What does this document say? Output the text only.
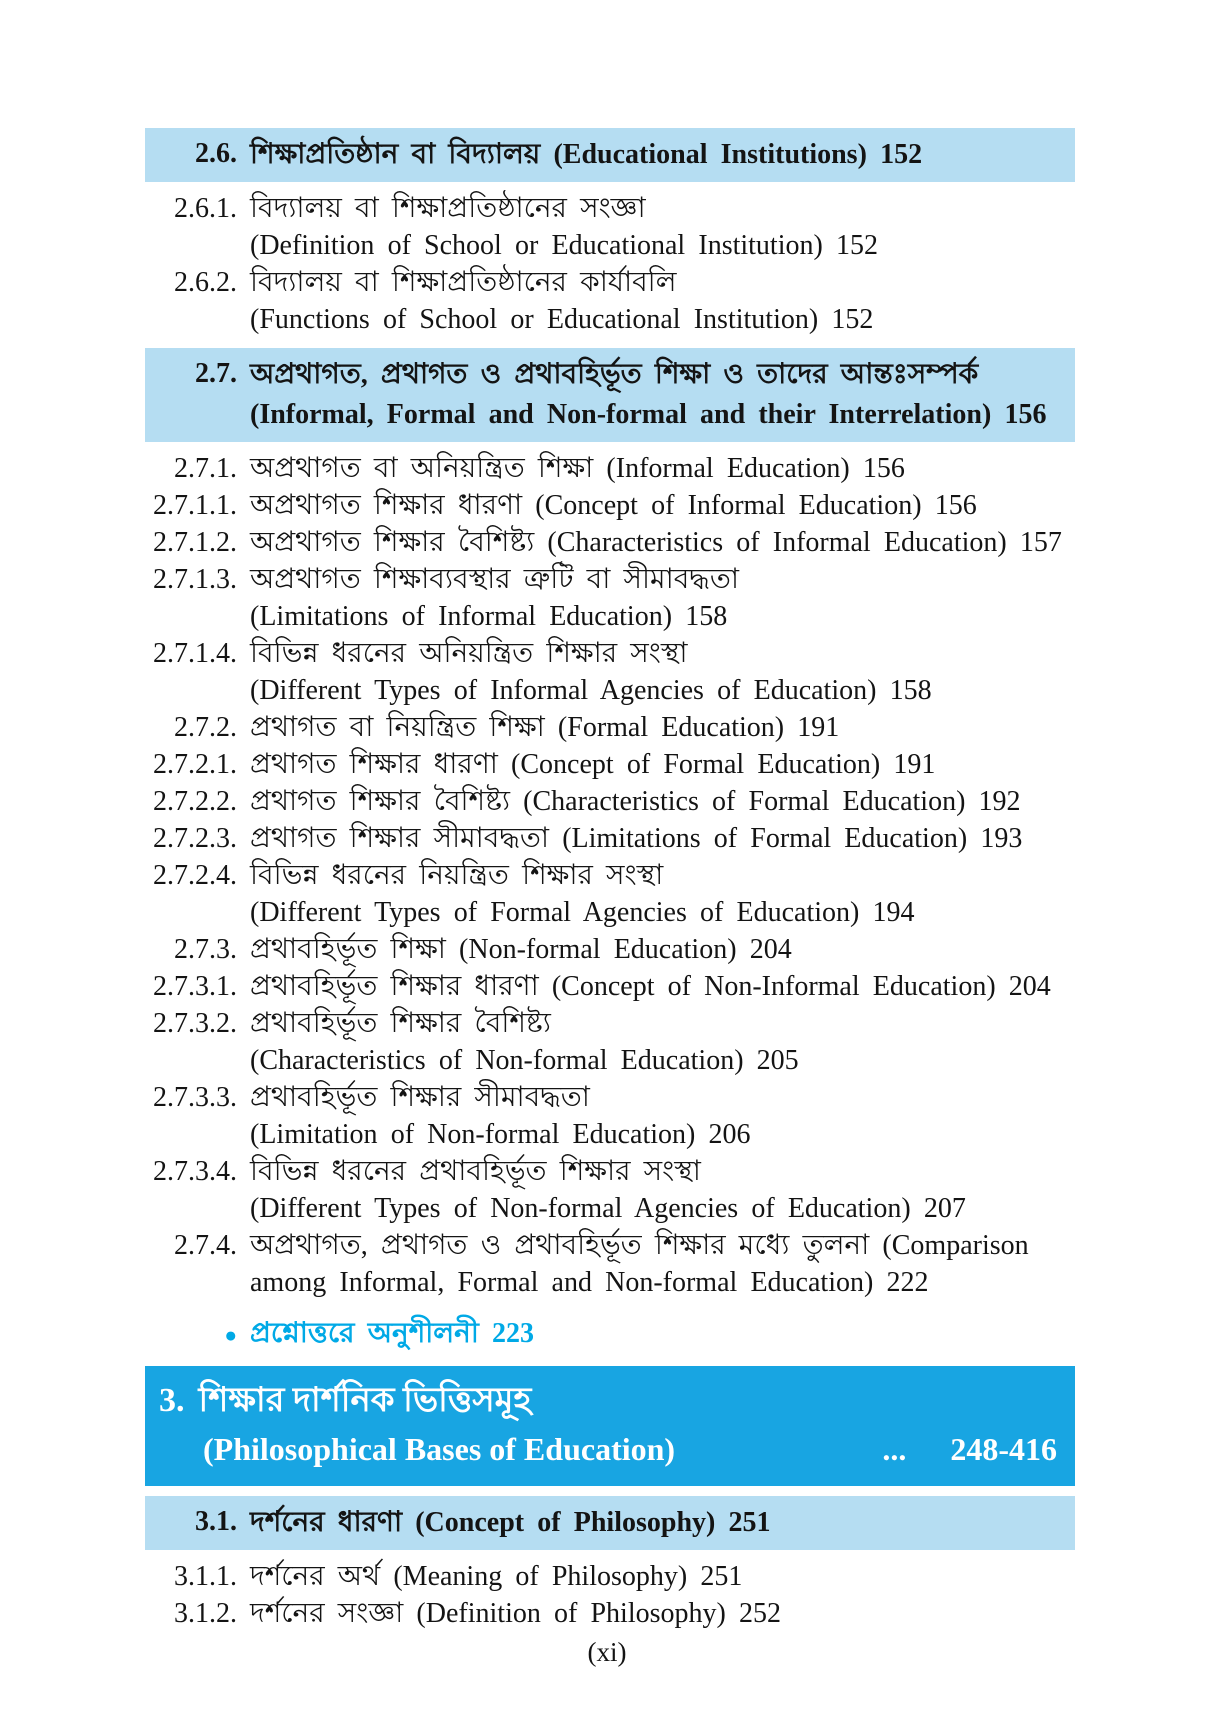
2.6. শিক্ষাপ্রতিষ্ঠান বা বিদ্যালয় (Educational Institutions) 152
2.6.1. বিদ্যালয় বা শিক্ষাপ্রতিষ্ঠানের সংজ্ঞা
(Definition of School or Educational Institution) 152
2.6.2. বিদ্যালয় বা শিক্ষাপ্রতিষ্ঠানের কার্যাবলি
(Functions of School or Educational Institution) 152
2.7. অপ্রথাগত, প্রথাগত ও প্রথাবহির্ভূত শিক্ষা ও তাদের আন্তঃসম্পর্ক
(Informal, Formal and Non-formal and their Interrelation) 156
2.7.1. অপ্রথাগত বা অনিয়ন্ত্রিত শিক্ষা (Informal Education) 156
2.7.1.1. অপ্রথাগত শিক্ষার ধারণা (Concept of Informal Education) 156
2.7.1.2. অপ্রথাগত শিক্ষার বৈশিষ্ট্য (Characteristics of Informal Education) 157
2.7.1.3. অপ্রথাগত শিক্ষাব্যবস্থার ত্রুটি বা সীমাবদ্ধতা
(Limitations of Informal Education) 158
2.7.1.4. বিভিন্ন ধরনের অনিয়ন্ত্রিত শিক্ষার সংস্থা
(Different Types of Informal Agencies of Education) 158
2.7.2. প্রথাগত বা নিয়ন্ত্রিত শিক্ষা (Formal Education) 191
2.7.2.1. প্রথাগত শিক্ষার ধারণা (Concept of Formal Education) 191
2.7.2.2. প্রথাগত শিক্ষার বৈশিষ্ট্য (Characteristics of Formal Education) 192
2.7.2.3. প্রথাগত শিক্ষার সীমাবদ্ধতা (Limitations of Formal Education) 193
2.7.2.4. বিভিন্ন ধরনের নিয়ন্ত্রিত শিক্ষার সংস্থা
(Different Types of Formal Agencies of Education) 194
2.7.3. প্রথাবহির্ভূত শিক্ষা (Non-formal Education) 204
2.7.3.1. প্রথাবহির্ভূত শিক্ষার ধারণা (Concept of Non-Informal Education) 204
2.7.3.2. প্রথাবহির্ভূত শিক্ষার বৈশিষ্ট্য
(Characteristics of Non-formal Education) 205
2.7.3.3. প্রথাবহির্ভূত শিক্ষার সীমাবদ্ধতা
(Limitation of Non-formal Education) 206
2.7.3.4. বিভিন্ন ধরনের প্রথাবহির্ভূত শিক্ষার সংস্থা
(Different Types of Non-formal Agencies of Education) 207
2.7.4. অপ্রথাগত, প্রথাগত ও প্রথাবহির্ভূত শিক্ষার মধ্যে তুলনা (Comparison
among Informal, Formal and Non-formal Education) 222
● প্রশ্নোত্তরে অনুশীলনী 223
3. শিক্ষার দার্শনিক ভিত্তিসমূহ
(Philosophical Bases of Education)	... 248-416
3.1. দর্শনের ধারণা (Concept of Philosophy) 251
3.1.1. দর্শনের অর্থ (Meaning of Philosophy) 251
3.1.2. দর্শনের সংজ্ঞা (Definition of Philosophy) 252
(xi)
